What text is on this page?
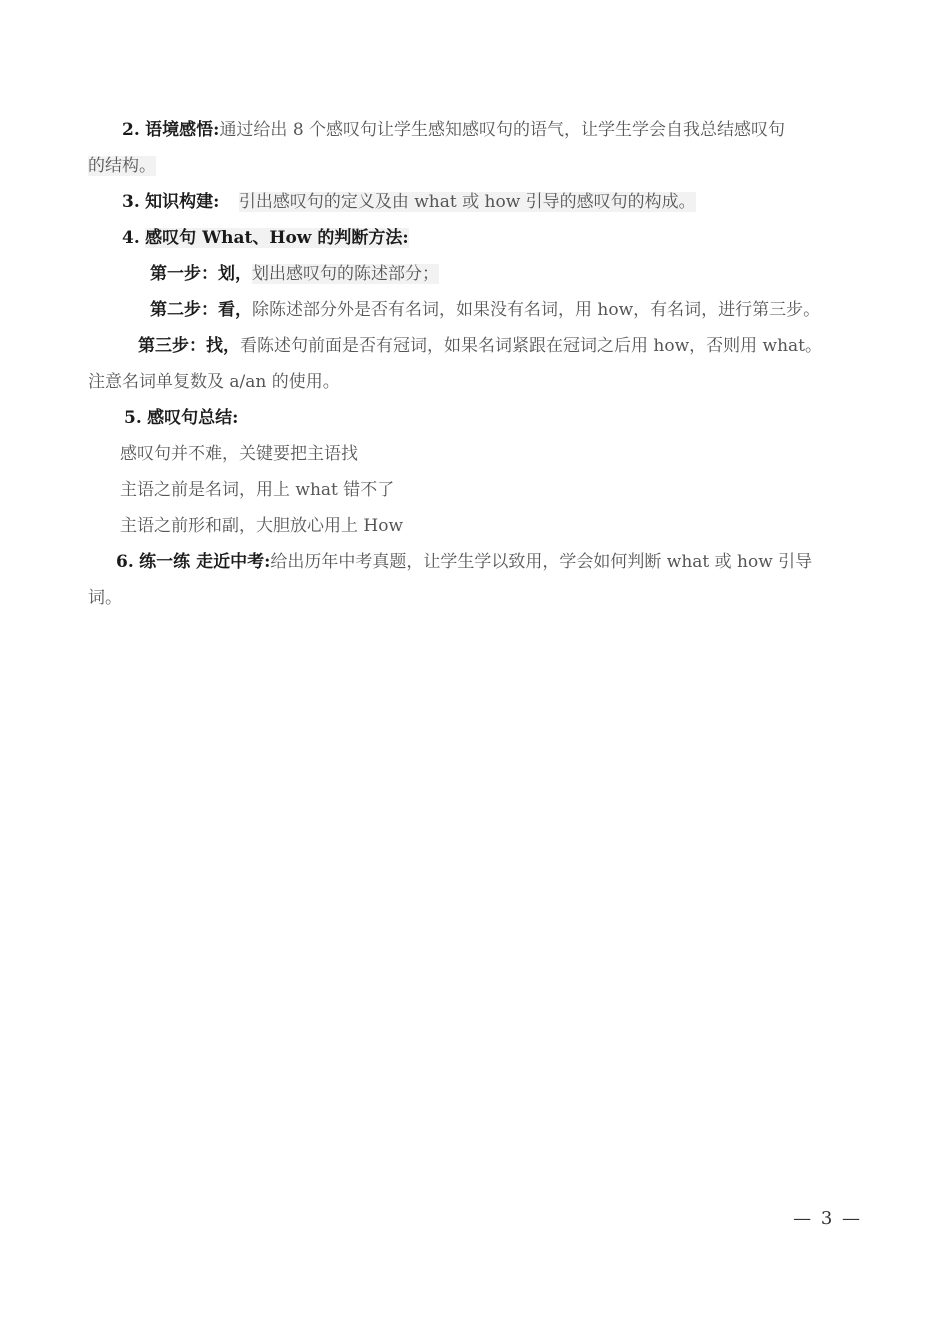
2. 语境感悟:通过给出 8 个感叹句让学生感知感叹句的语气，让学生学会自我总结感叹句
的结构。
3. 知识构建: 引出感叹句的定义及由 what 或 how 引导的感叹句的构成。
4. 感叹句 What、How 的判断方法:
第一步：划，划出感叹句的陈述部分；
第二步：看，除陈述部分外是否有名词，如果没有名词，用 how，有名词，进行第三步。
第三步：找，看陈述句前面是否有冠词，如果名词紧跟在冠词之后用 how，否则用 what。
注意名词单复数及 a/an 的使用。
5. 感叹句总结:
感叹句并不难，关键要把主语找
主语之前是名词，用上 what 错不了
主语之前形和副，大胆放心用上 How
6. 练一练 走近中考:给出历年中考真题，让学生学以致用，学会如何判断 what 或 how 引导
词。
— 3 —
